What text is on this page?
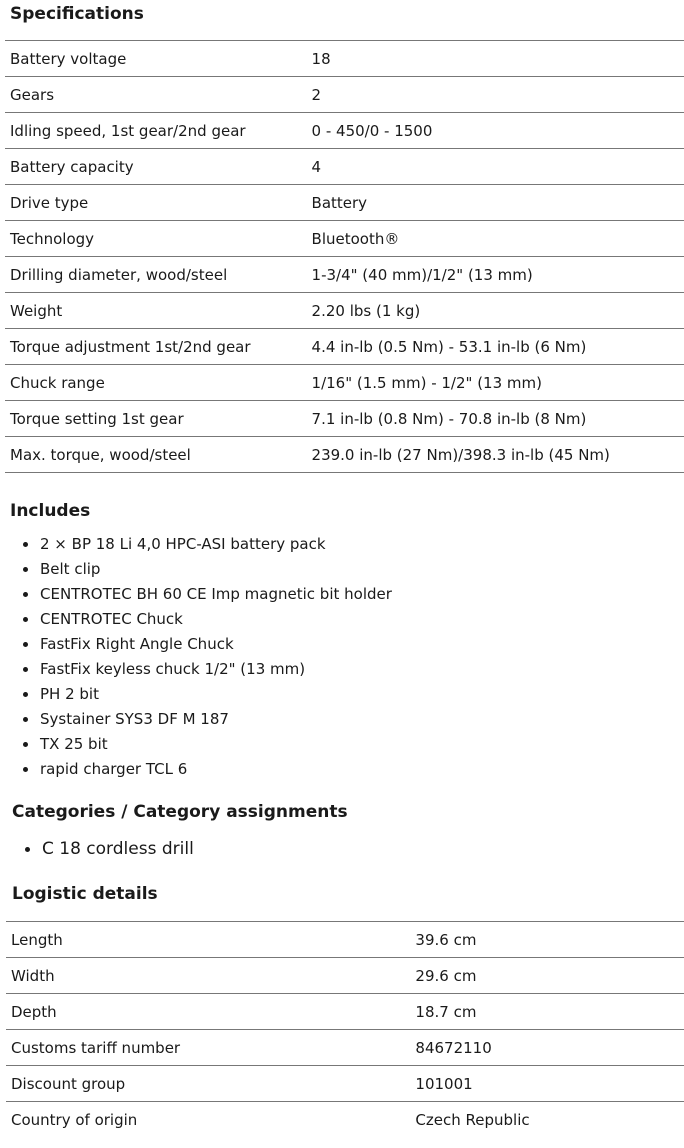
Specifications
Battery voltage	18
Gears	2
Idling speed, 1st gear/2nd gear	0 - 450/0 - 1500
Battery capacity	4
Drive type	Battery
Technology	Bluetooth®
Drilling diameter, wood/steel	1-3/4" (40 mm)/1/2" (13 mm)
Weight	2.20 lbs (1 kg)
Torque adjustment 1st/2nd gear	4.4 in-lb (0.5 Nm) - 53.1 in-lb (6 Nm)
Chuck range	1/16" (1.5 mm) - 1/2" (13 mm)
Torque setting 1st gear	7.1 in-lb (0.8 Nm) - 70.8 in-lb (8 Nm)
Max. torque, wood/steel	239.0 in-lb (27 Nm)/398.3 in-lb (45 Nm)
Includes
2 × BP 18 Li 4,0 HPC-ASI battery pack
Belt clip
CENTROTEC BH 60 CE Imp magnetic bit holder
CENTROTEC Chuck
FastFix Right Angle Chuck
FastFix keyless chuck 1/2" (13 mm)
PH 2 bit
Systainer SYS3 DF M 187
TX 25 bit
rapid charger TCL 6
Categories / Category assignments
C 18 cordless drill
Logistic details
Length	39.6 cm
Width	29.6 cm
Depth	18.7 cm
Customs tariff number	84672110
Discount group	101001
Country of origin	Czech Republic
